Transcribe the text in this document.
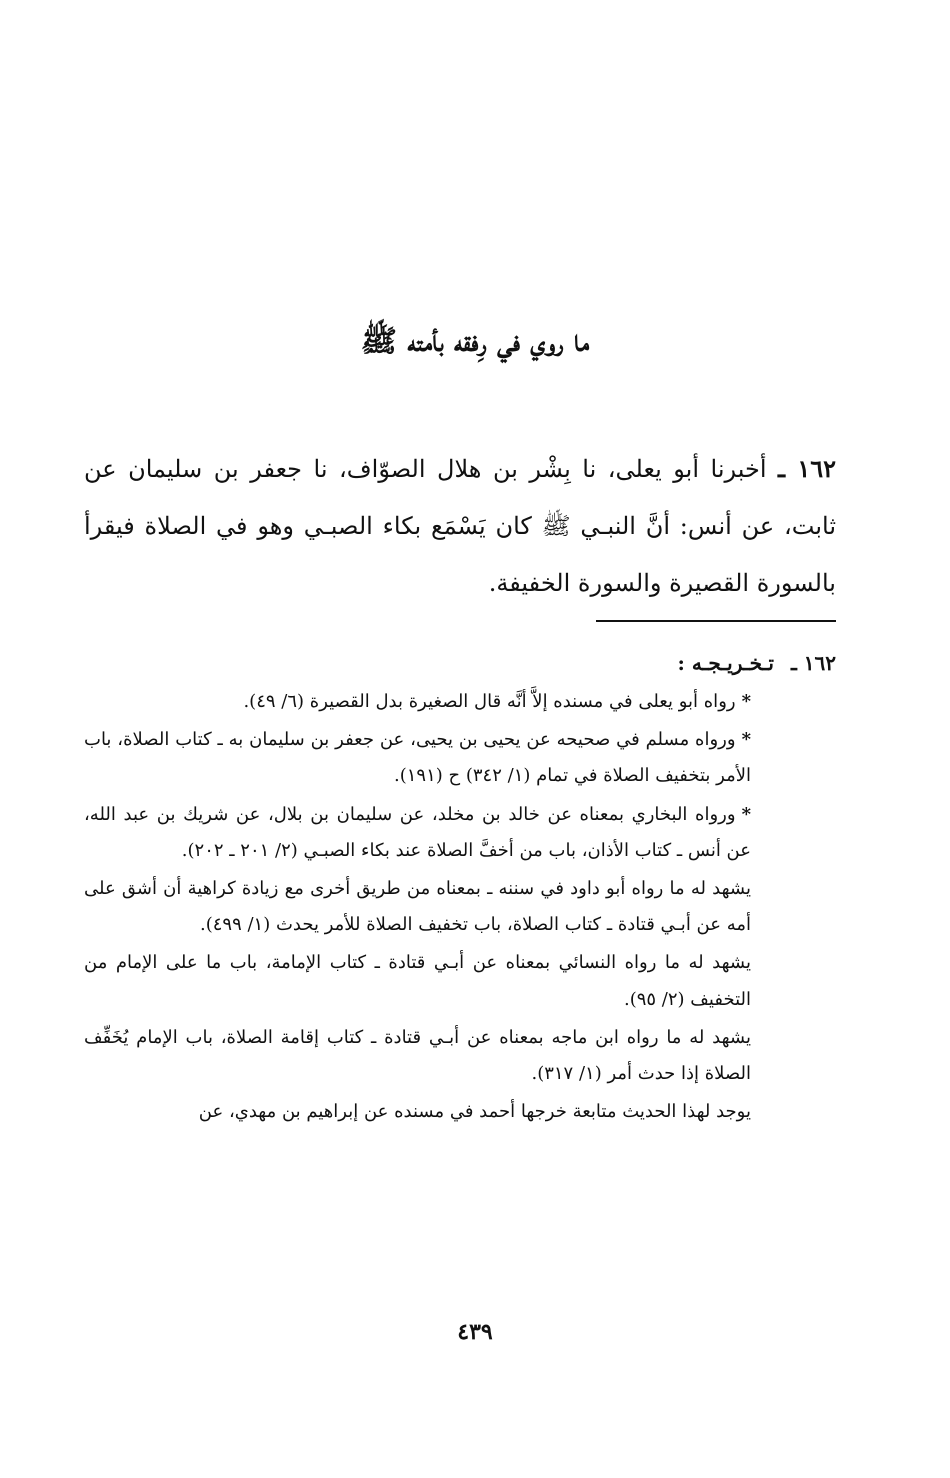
ما روي في رِفقه بأمته ﷺ
١٦٢ ـ أخبرنا أبو يعلى، نا بِشْر بن هلال الصوّاف، نا جعفر بن سليمان عن ثابت، عن أنس: أنَّ النبـي ﷺ كان يَسْمَع بكاء الصبـي وهو في الصلاة فيقرأ بالسورة القصيرة والسورة الخفيفة.
١٦٢ ـ تـخـريـجـه :

*رواه أبو يعلى في مسنده إلاَّ أنَّه قال الصغيرة بدل القصيرة (٦/ ٤٩).

*ورواه مسلم في صحيحه عن يحيى بن يحيى، عن جعفر بن سليمان به ـ كتاب الصلاة، باب الأمر بتخفيف الصلاة في تمام (١/ ٣٤٢) ح (١٩١).

*ورواه البخاري بمعناه عن خالد بن مخلد، عن سليمان بن بلال، عن شريك بن عبد الله، عن أنس ـ كتاب الأذان، باب من أخفَّ الصلاة عند بكاء الصبـي (٢/ ٢٠١ ـ ٢٠٢).

يشهد له ما رواه أبو داود في سننه ـ بمعناه من طريق أخرى مع زيادة كراهية أن أشق على أمه عن أبـي قتادة ـ كتاب الصلاة، باب تخفيف الصلاة للأمر يحدث (١/ ٤٩٩).

يشهد له ما رواه النسائي بمعناه عن أبـي قتادة ـ كتاب الإمامة، باب ما على الإمام من التخفيف (٢/ ٩٥).

يشهد له ما رواه ابن ماجه بمعناه عن أبـي قتادة ـ كتاب إقامة الصلاة، باب الإمام يُخَفِّف الصلاة إذا حدث أمر (١/ ٣١٧).

يوجد لهذا الحديث متابعة خرجها أحمد في مسنده عن إبراهيم بن مهدي، عن

٤٣٩
